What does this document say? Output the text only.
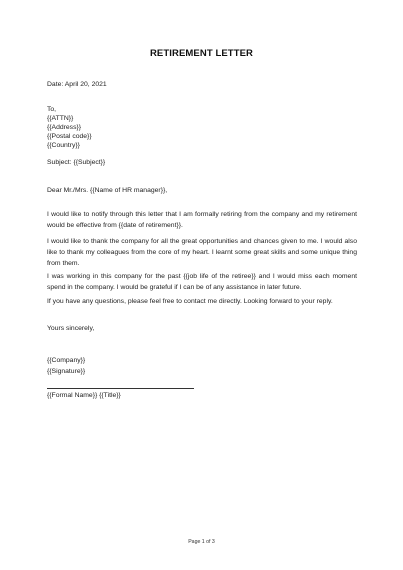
RETIREMENT LETTER
Date: April 20, 2021
To,
{{ATTN}}
{{Address}}
{{Postal code}}
{{Country}}
Subject: {{Subject}}
Dear Mr./Mrs. {{Name of HR manager}},
I would like to notify through this letter that I am formally retiring from the company and my retirement would be effective from {{date of retirement}}.
I would like to thank the company for all the great opportunities and chances given to me. I would also like to thank my colleagues from the core of my heart. I learnt some great skills and some unique thing from them.
I was working in this company for the past {{job life of the retiree}} and I would miss each moment spend in the company. I would be grateful if I can be of any assistance in later future.
If you have any questions, please feel free to contact me directly. Looking forward to your reply.
Yours sincerely,
{{Company}}
{{Signature}}
{{Formal Name}} {{Title}}
Page 1 of 3
